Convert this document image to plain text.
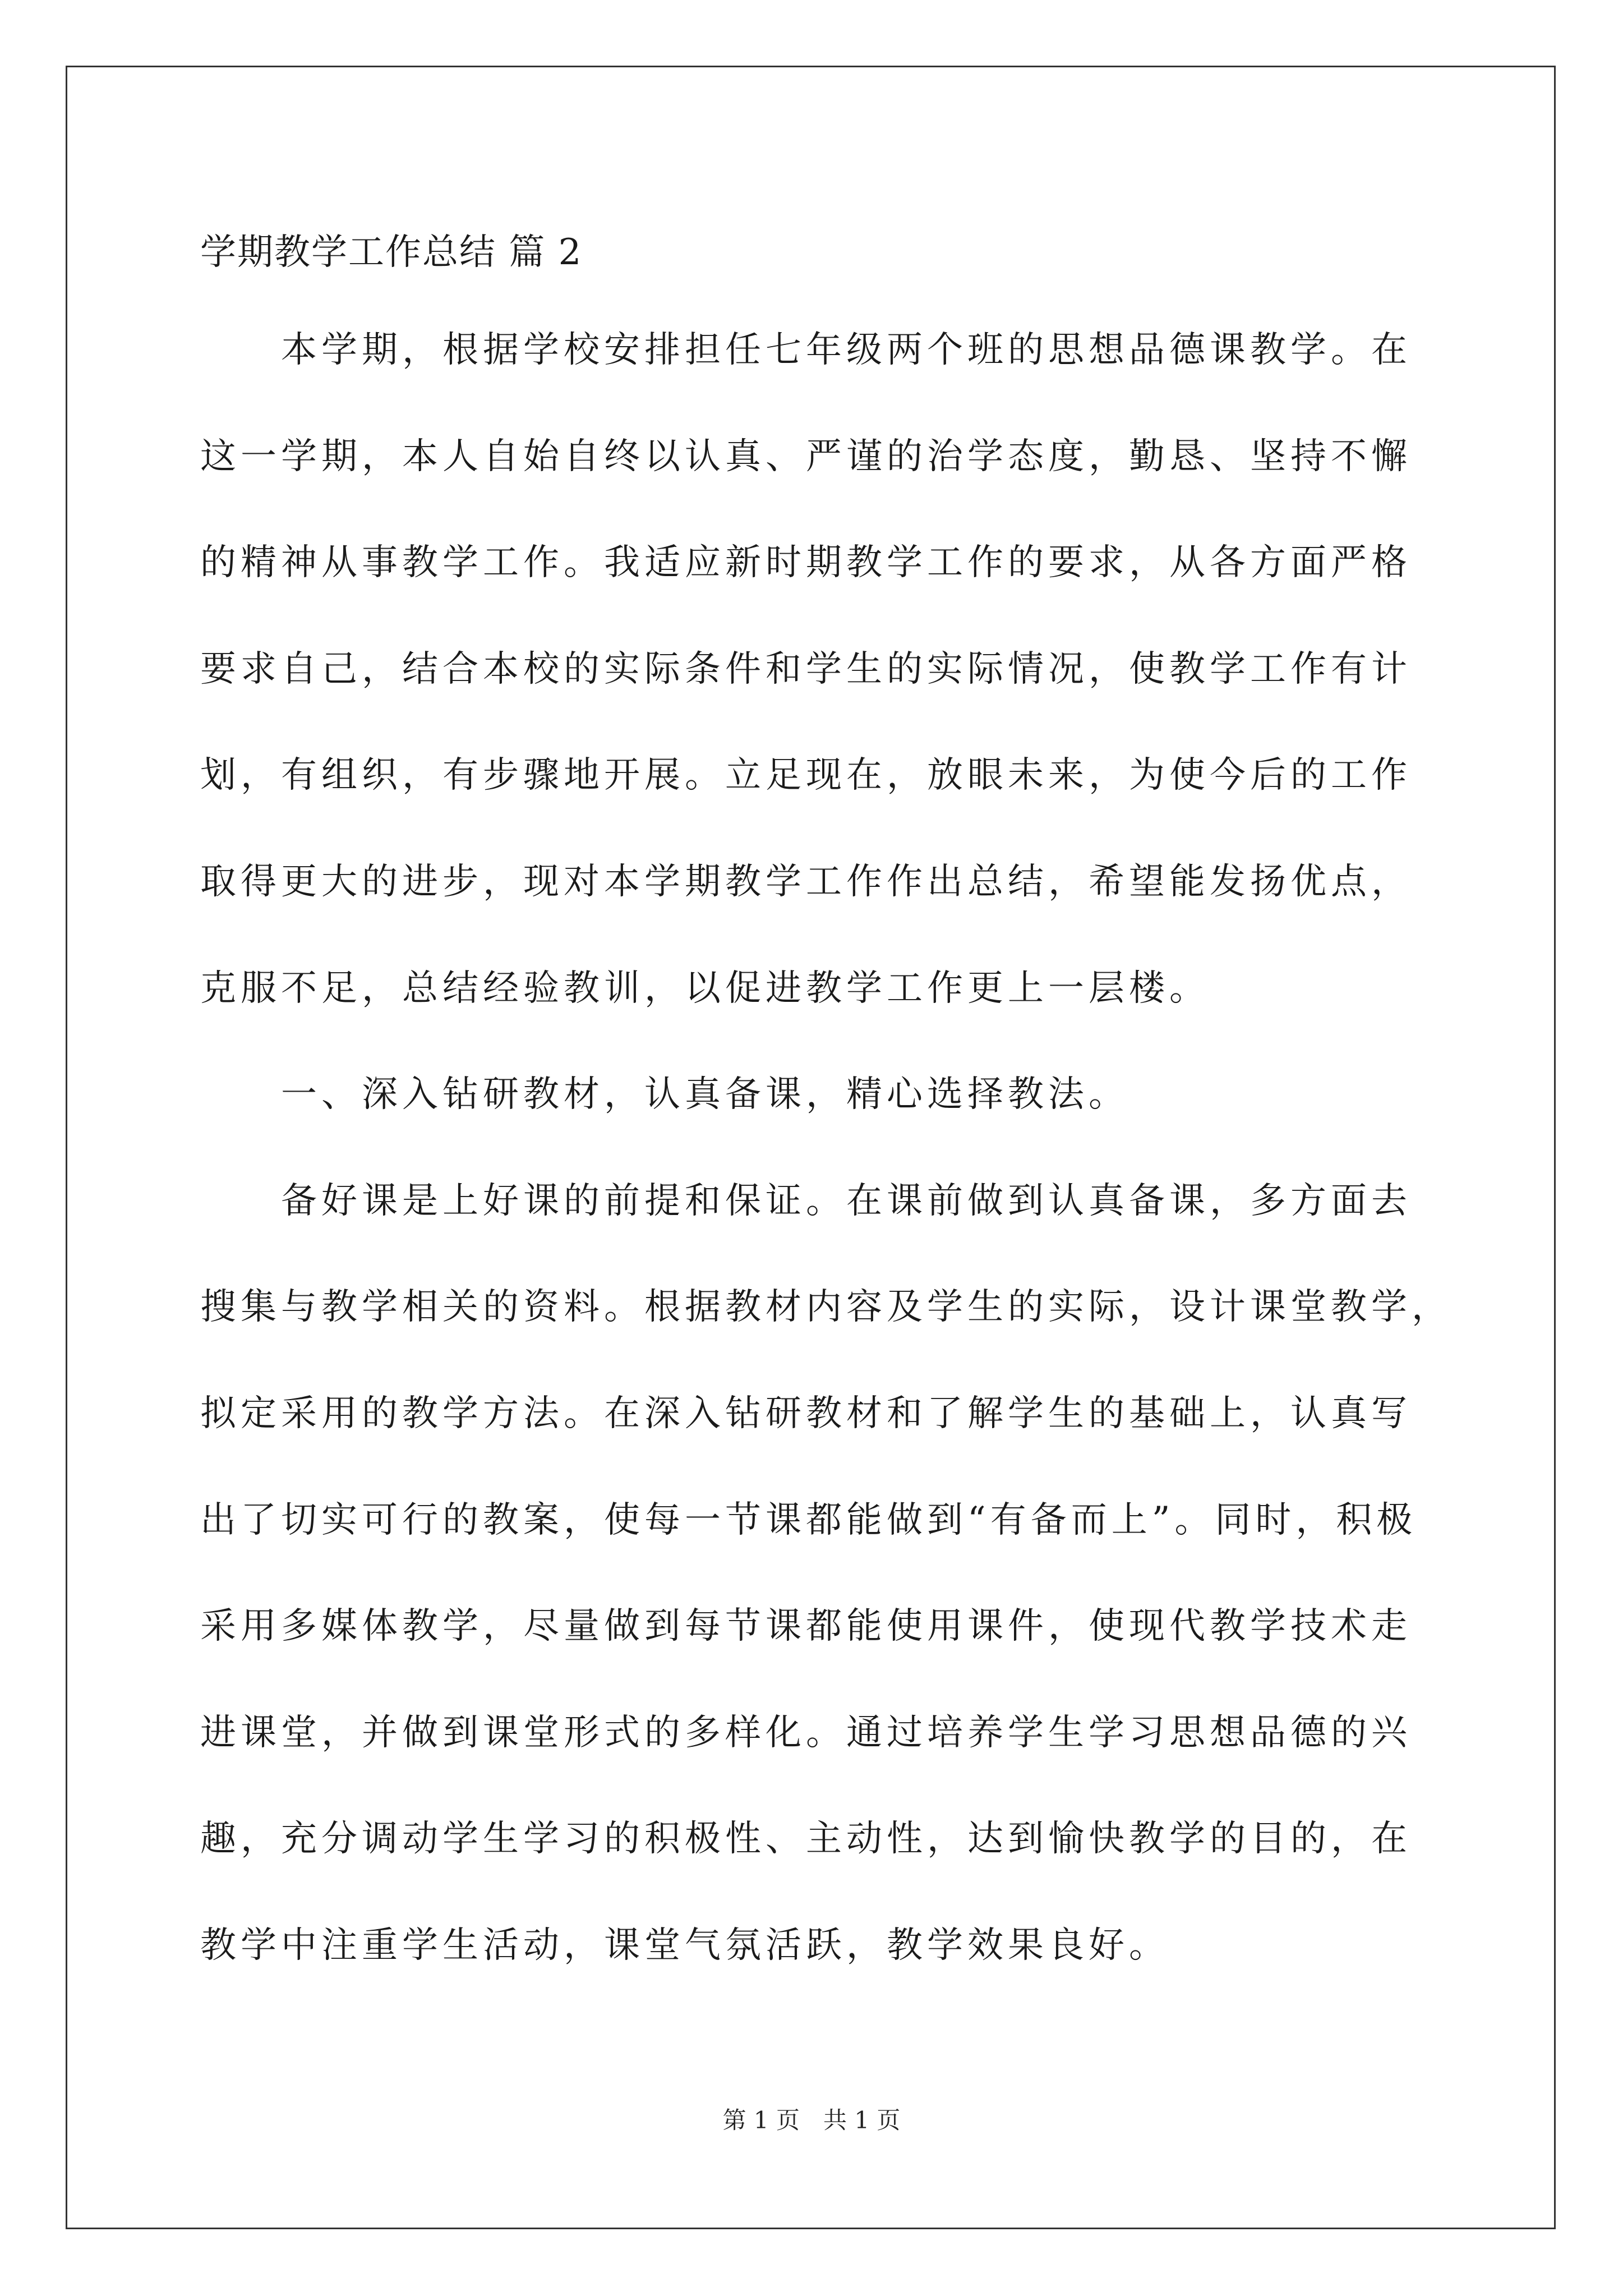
学期教学工作总结 篇 2
　　本学期，根据学校安排担任七年级两个班的思想品德课教学。在
这一学期，本人自始自终以认真、严谨的治学态度，勤恳、坚持不懈
的精神从事教学工作。我适应新时期教学工作的要求，从各方面严格
要求自己，结合本校的实际条件和学生的实际情况，使教学工作有计
划，有组织，有步骤地开展。立足现在，放眼未来，为使今后的工作
取得更大的进步，现对本学期教学工作作出总结，希望能发扬优点，
克服不足，总结经验教训，以促进教学工作更上一层楼。
　　一、深入钻研教材，认真备课，精心选择教法。
　　备好课是上好课的前提和保证。在课前做到认真备课，多方面去
搜集与教学相关的资料。根据教材内容及学生的实际，设计课堂教学，
拟定采用的教学方法。在深入钻研教材和了解学生的基础上，认真写
出了切实可行的教案，使每一节课都能做到“有备而上”。同时，积极
采用多媒体教学，尽量做到每节课都能使用课件，使现代教学技术走
进课堂，并做到课堂形式的多样化。通过培养学生学习思想品德的兴
趣，充分调动学生学习的积极性、主动性，达到愉快教学的目的，在
教学中注重学生活动，课堂气氛活跃，教学效果良好。
第 1 页　共 1 页
